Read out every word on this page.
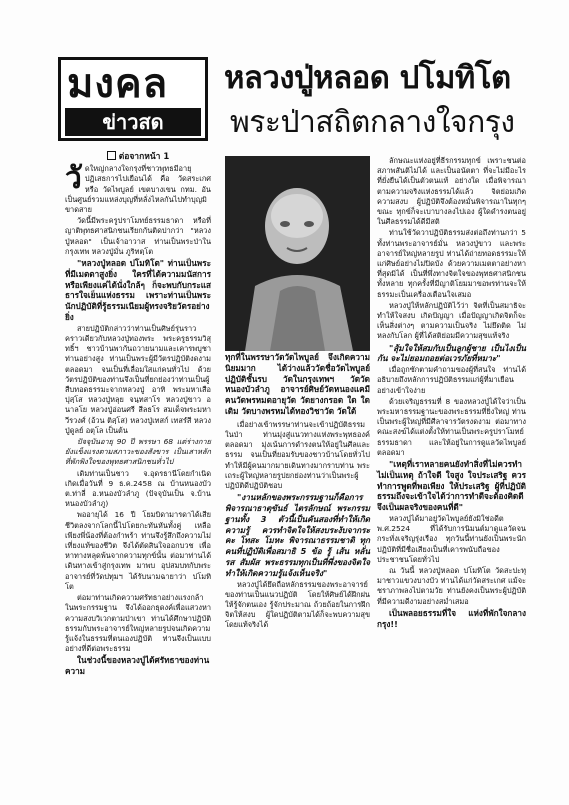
มงคล
ข่าวสด
หลวงปู่หลอด ปโมทิโต
พระป่าสถิตกลางใจกรุง
ต่อจากหน้า 1
วั ดใหญ่กลางใจกรุงที่ชาวพุทธมีอายุปฏิเสธการไปเยือนได้ คือ วัดสระเกศ หรือ วัดไพบูลย์ เขตบางเขน กทม. อันเป็นศูนย์รวมแหล่งบุญที่หลั่งไหลกันไปทำบุญมิขาดสาย

วัดนี้มีพระครูปราโมทย์ธรรมธาดา หรือที่ญาติพุทธศาสนิกชนเรียกกันติดปากว่า "หลวงปู่หลอด" เป็นเจ้าอาวาส ท่านเป็นพระป่าในกรุงเทพ หลวงปู่มั่น ภูริทตฺโต

"หลวงปู่หลอด ปโมทิโต" ท่านเป็นพระที่มีเมตตาสูงยิ่ง ใครที่ได้ความมนัสการ หรือเพียงแค่ได้นั่งใกล้ๆ ก็จะพบกับกระแสธารใจเย็นแห่งธรรม เพราะท่านเป็นพระนักปฏิบัติที่รู้ธรรมเนียมผู้ทรงจริยวัตรอย่างยิ่ง

สายปฏิบัติกล่าวว่าท่านเป็นศิษย์รุ่นราวคราวเดียวกับหลวงปู่ทองพระ พระครูธรรมวิสุทธิ์ฯ ชาวบ้านพากันถวายนามและเคารพบูชาท่านอย่างสูง ท่านเป็นพระผู้มีวัตรปฏิบัติงดงามตลอดมา จนเป็นที่เลื่อมใสแก่คนทั่วไป ด้วยวัตรปฏิบัติของท่านจึงเป็นที่ยกย่องว่าท่านเป็นผู้สืบทอดธรรมะจากหลวงปู่ อาทิ พระมหาเสือ ปุสฺโส หลวงปู่หลุย จนฺทสาโร หลวงปู่ขาว อนาลโย หลวงปู่อ่อนศรี สีลธโร สมเด็จพระมหาวีรวงศ์ (อ้วน ติสฺโส) หลวงปู่เทสก์ เทสรํสี หลวงปู่ดูลย์ อตุโล เป็นต้น

ปัจจุบันอายุ 90 ปี พรรษา 68 แต่ร่างกายยังแข็งแรงตามสภาวะของสังขาร เป็นเสาหลักที่พักพิงใจของพุทธศาสนิกชนทั่วไป

เดิมท่านเป็นชาว จ.อุดรธานีโดยกำเนิด เกิดเมื่อวันที่ 9 ธ.ค.2458 ณ บ้านหนองบัว ต.ท่าลี่ อ.หนองบัวลำภู (ปัจจุบันเป็น จ.บ้านหนองบัวลำภู)

พออายุได้ 16 ปี โยมบิดามารดาได้เสียชีวิตลงจากโลกนี้ไปโดยกะทันหันทั้งคู่ เหลือเพียงพี่น้องที่ต้องกำพร้า ท่านจึงรู้สึกถึงความไม่เที่ยงแท้ของชีวิต จึงได้ตัดสินใจออกบวช เพื่อหาทางหลุดพ้นจากความทุกข์นั้น ต่อมาท่านได้เดินทางเข้าสู่กรุงเทพ มาพบ อุปสมบทกับพระอาจารย์ที่วัดปทุมฯ ได้รับนามฉายาว่า ปโมทิโต

ต่อมาท่านเกิดความศรัทธาอย่างแรงกล้าในพระกรรมฐาน จึงได้ออกธุดงค์เพื่อแสวงหาความสงบวิเวกตามป่าเขา ท่านได้ศึกษาปฏิบัติธรรมกับพระอาจารย์ใหญ่หลายรูปจนเกิดความรู้แจ้งในธรรมที่ตนเองปฏิบัติ ท่านจึงเป็นแบบอย่างที่ดีต่อพระธรรม

ในช่วงนี้ของหลวงปู่ได้ศรัทธาของท่านความ

ทุกที่ในพรรษาวัดวัดไพบูลย์ จึงเกิดความนิยมมาก ได้ว่างแล้ววัดชื่อวัดไพบูลย์ปฏิบัติชั้นรบ วัดในกรุงเทพฯ วัดวัดหนองบัวลำภู อาจารย์ศิษย์วัดหนองแคมีคนวัดพรหมดอายุวัด วัดยางกรอด ใด ใดเดิม วัดบางพรหมได้ทองวิชาวัด วัดใต้

เมื่อย่างเข้าพรรษาท่านจะเข้าปฏิบัติธรรมในป่า ท่านมุ่งสู่แนวทางแห่งพระพุทธองค์ตลอดมา มุ่งเน้นการดำรงตนให้อยู่ในศีลและธรรม จนเป็นที่ยอมรับของชาวบ้านโดยทั่วไป ทำให้มีผู้คนมากมายเดินทางมากราบท่าน พระเถระผู้ใหญ่หลายรูปยกย่องท่านว่าเป็นพระผู้ปฏิบัติดีปฏิบัติชอบ

"งานหลักของพระกรรมฐานก็คือการพิจารณาธาตุขันธ์ ไตรลักษณ์ พระกรรมฐานทั้ง 3 ตัวนี้เป็นคันสองที่ทำให้เกิดความรู้ ควรทำจิตใจให้สงบระงับจากระคะ โทสะ โมหะ พิจารณาธรรมชาติ ทุกคนที่ปฏิบัติเพื่อสมาธิ 5 ข้อ รู้ เส้น หลั่น รส สัมผัส พระธรรมทุกเป็นที่พึ่งของจิตใจ ทำให้เกิดความรู้แจ้งเห็นจริง"

หลวงปู่ได้ยึดถือหลักธรรมของพระอาจารย์ของท่านเป็นแนวปฏิบัติ โดยให้ศิษย์ได้ฝึกฝนให้รู้จักตนเอง รู้จักประมาณ ถ้วยถ้อยในการฝึกจิตให้สงบ ผู้ใดปฏิบัติตามได้ก็จะพบความสุขโดยแท้จริงได้

ลักษณะแห่งอยู่ที่ธีรกรรมทุกข์ เพราะชนต่อสภาพสันติไม่ได้ และเป็นอนัตตา ที่จะไม่มีอะไรที่ยั่งยืนได้เป็นตัวตนแท้ อย่างใด เมื่อพิจารณาตามความจริงแห่งธรรมได้แล้ว จิตย่อมเกิดความสงบ ผู้ปฏิบัติจึงต้องหมั่นพิจารณาในทุกๆ ขณะ ทุกข์ก็จะเบาบางลงไปเอง ผู้ใดดำรงตนอยู่ในศีลธรรมได้ดีมีสติ

ท่านใช้วัดวาปฏิบัติธรรมส่งต่อถึงท่านกว่า 5 ทั้งท่านพระอาจารย์มั่น หลวงปู่ขาว และพระอาจารย์ใหญ่หลายรูป ท่านได้ถ่ายทอดธรรมะให้แก่ศิษย์อย่างไม่ปิดบัง ด้วยความเมตตาอย่างหาที่สุดมิได้ เป็นที่พึ่งทางจิตใจของพุทธศาสนิกชนทั้งหลาย ทุกครั้งที่มีญาติโยมมาขอพรท่านจะให้ธรรมะเป็นเครื่องเตือนใจเสมอ

หลวงปู่ให้หลักปฏิบัติไว้ว่า จิตที่เป็นสมาธิจะทำให้ใจสงบ เกิดปัญญา เมื่อปัญญาเกิดจิตก็จะเห็นสิ่งต่างๆ ตามความเป็นจริง ไม่ยึดติด ไม่หลงกับโลก ผู้ที่ได้สติย่อมมีความสุขแท้จริง

"สุ้มใจให้สมกับเป็นลูกผู้ชาย เป็นไงเป็นกัน จะไม่ยอมถอยต่อเวรภัยที่หมาะ"

เมื่อถูกซักตามคำถามของผู้ที่สนใจ ท่านได้อธิบายถึงหลักการปฏิบัติธรรมแก่ผู้ที่มาเยือนอย่างเข้าใจง่าย

ด้วยเจริญธรรมที่ 8 ของหลวงปู่ได้ใจว่าเป็นพระมหาธรรมฐานะของพระธรรมที่ยิ่งใหญ่ ท่านเป็นพระผู้ใหญ่ที่มีศีลาจารวัตรงดงาม ต่อมาทางคณะสงฆ์ได้แต่งตั้งให้ท่านเป็นพระครูปราโมทย์ธรรมธาดา และให้อยู่ในการดูแลวัดไพบูลย์ตลอดมา

"เหตุที่เราหลายคนยังทำสิ่งที่ไม่ควรทำ ไม่เป็นเหตุ ถ้าใจดี ใจสูง ใจประเสริฐ ควรทำการพูดที่พอเพียง ให้ประเสริฐ ผู้ที่ปฏิบัติธรรมถึงจะเข้าใจได้ว่าการทำดีจะต้องคิดดีจึงเป็นผลจริงของคนที่ดี"

หลวงปู่ได้มาอยู่วัดไพบูลย์ยังมิใช่อดีต พ.ศ.2524 ที่ได้รับการนิมนต์มาดูแลวัดจนกระทั่งเจริญรุ่งเรือง ทุกวันนี้ท่านยังเป็นพระนักปฏิบัติที่มีชื่อเสียงเป็นที่เคารพนับถือของประชาชนโดยทั่วไป

ณ วันนี้ หลวงปู่หลอด ปโมทิโต วัดสะปะทุมาชาวแขวงบางบัว ท่านได้แก่วัดสระเกศ แม้จะชราภาพลงไปตามวัย ท่านยังคงเป็นพระผู้ปฏิบัติที่มีความดีงามอย่างสม่ำเสมอ

เป็นพลอยธรรมที่ใจ แห่งที่พักใจกลางกรุง!!
